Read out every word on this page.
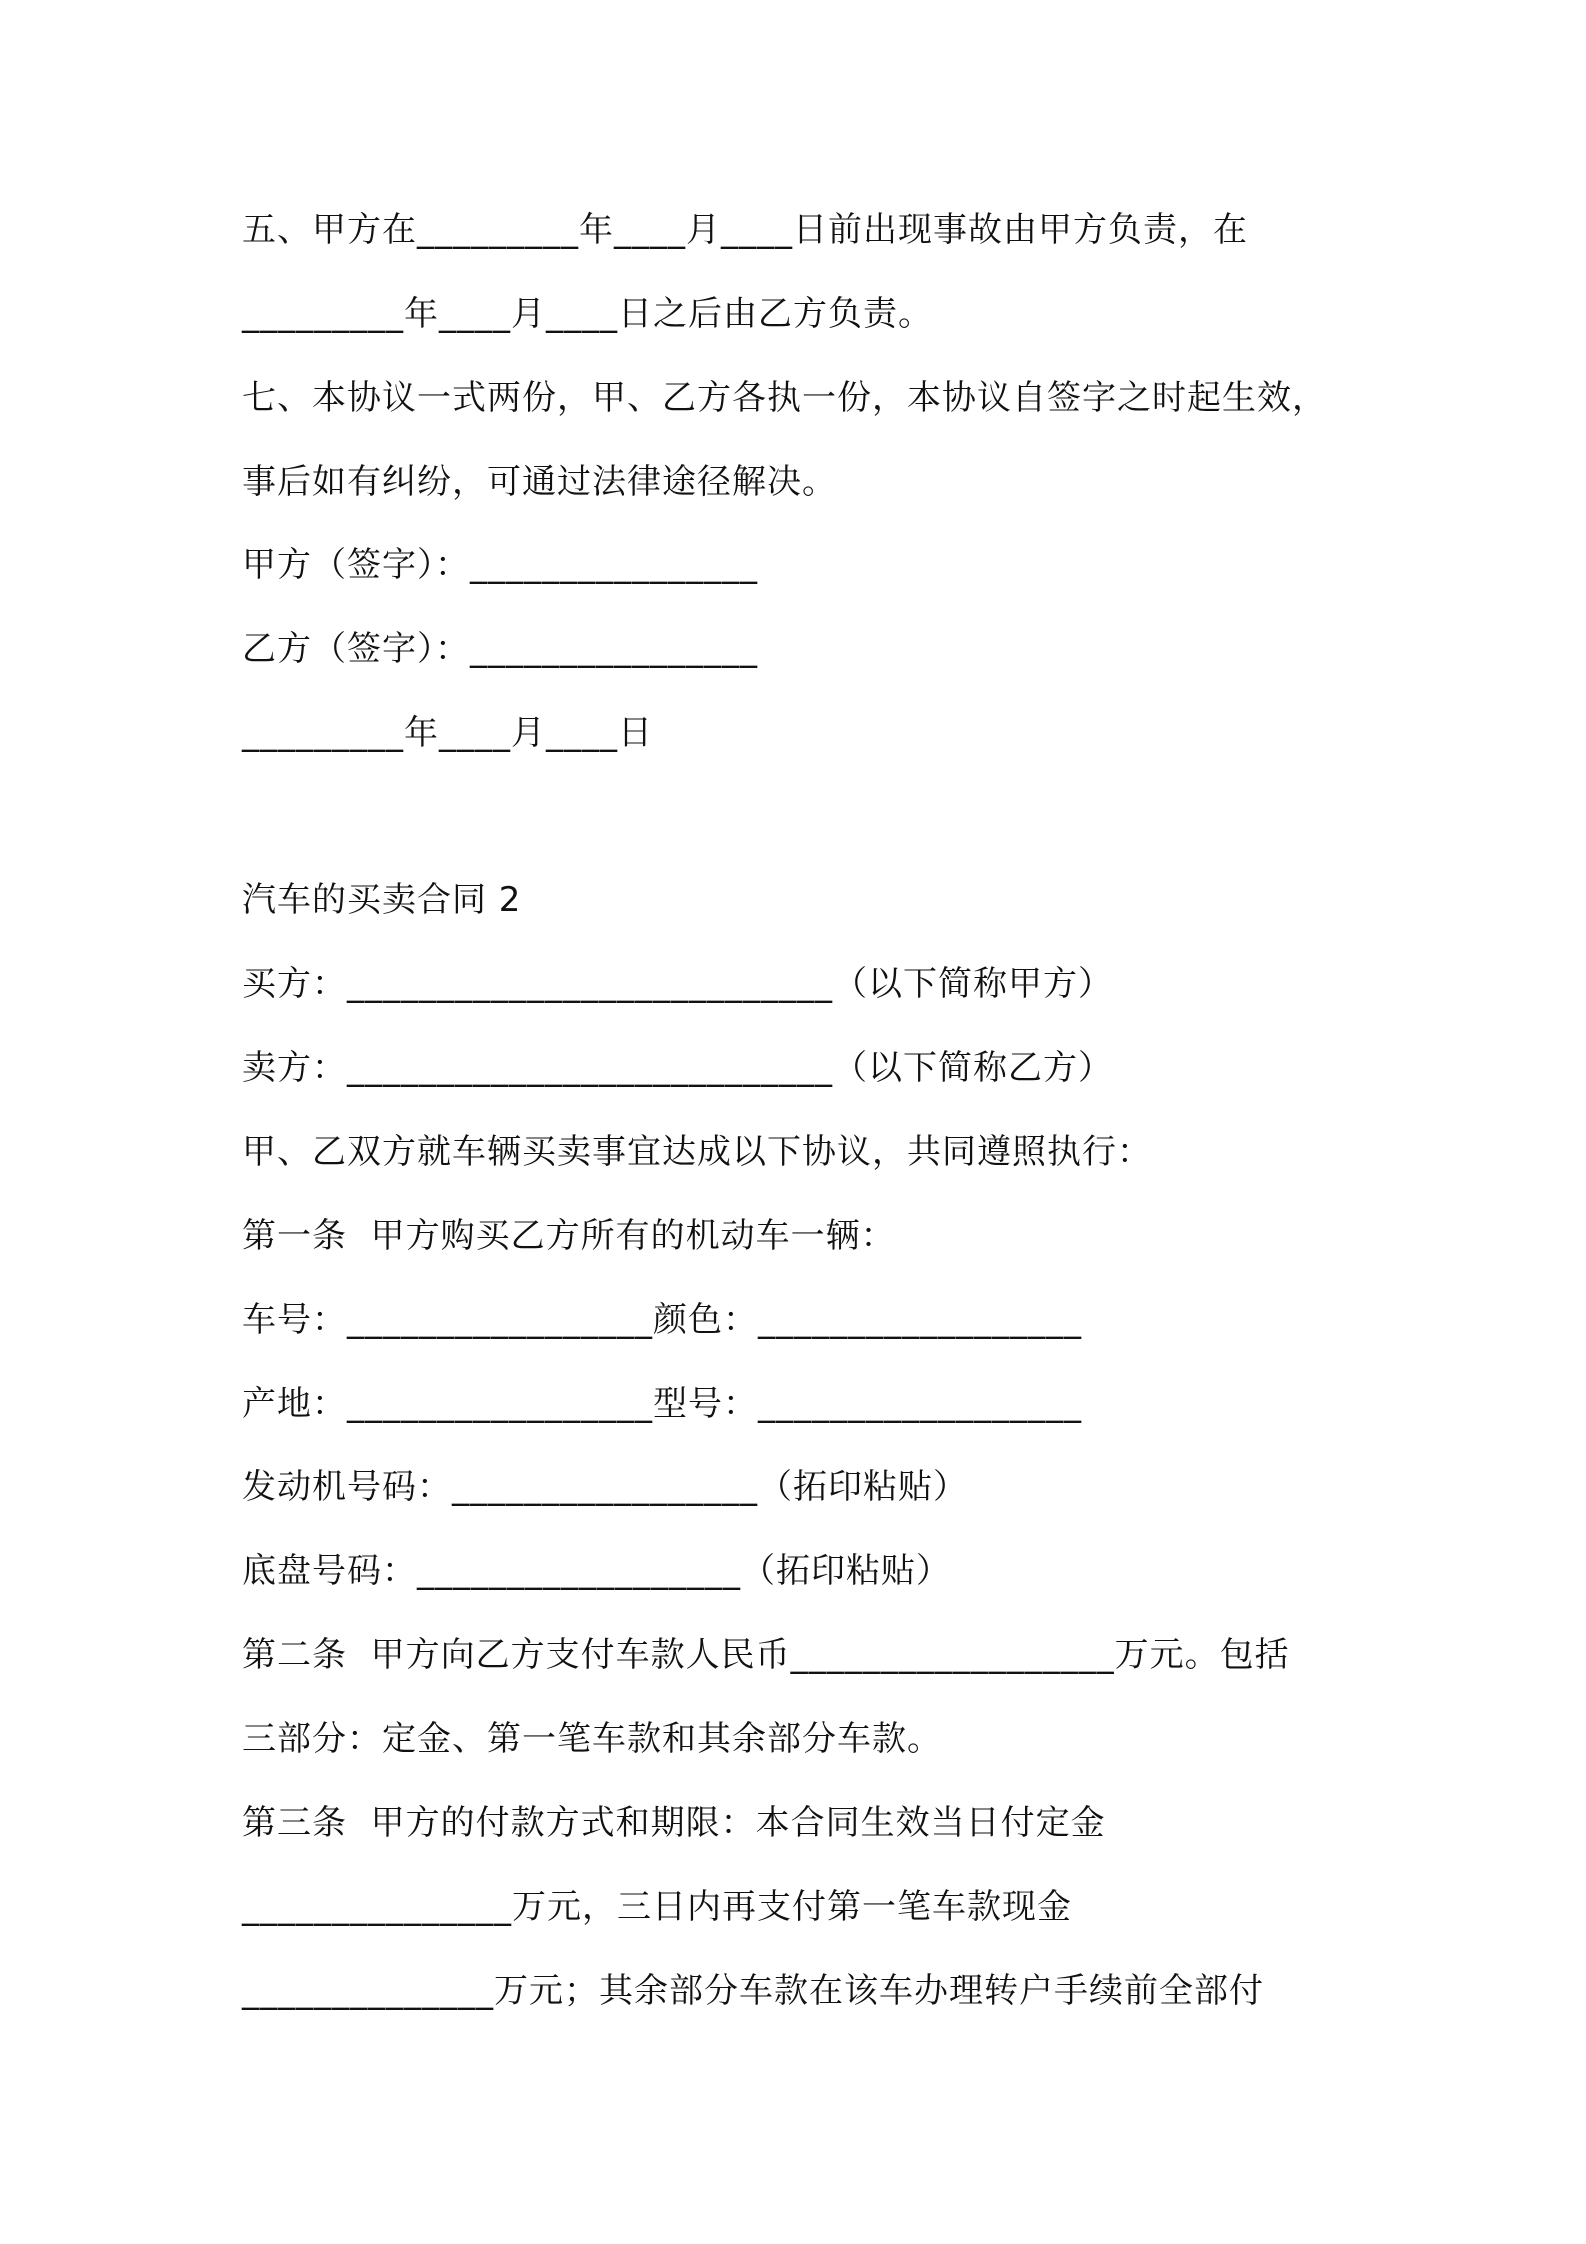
五、甲方在_________年____月____日前出现事故由甲方负责，在
_________年____月____日之后由乙方负责。
七、本协议一式两份，甲、乙方各执一份，本协议自签字之时起生效，
事后如有纠纷，可通过法律途径解决。
甲方（签字）：________________
乙方（签字）：________________
_________年____月____日
汽车的买卖合同 2
买方：___________________________（以下简称甲方）
卖方：___________________________（以下简称乙方）
甲、乙双方就车辆买卖事宜达成以下协议，共同遵照执行：
第一条  甲方购买乙方所有的机动车一辆：
车号：_________________颜色：__________________
产地：_________________型号：__________________
发动机号码：_________________（拓印粘贴）
底盘号码：__________________（拓印粘贴）
第二条  甲方向乙方支付车款人民币__________________万元。包括
三部分：定金、第一笔车款和其余部分车款。
第三条  甲方的付款方式和期限：本合同生效当日付定金
_______________万元，三日内再支付第一笔车款现金
______________万元；其余部分车款在该车办理转户手续前全部付
